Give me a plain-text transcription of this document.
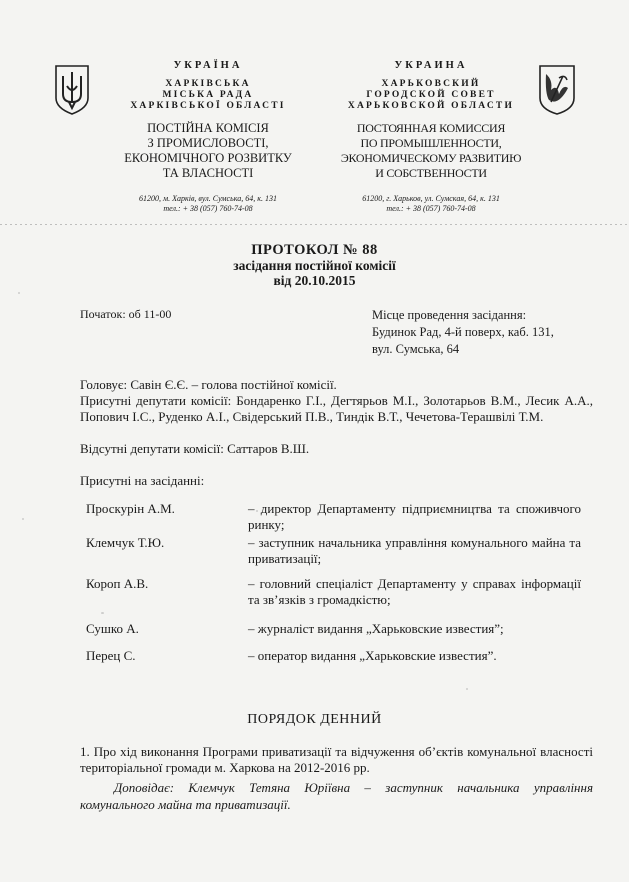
УКРАЇНА
ХАРКІВСЬКА
МІСЬКА РАДА
ХАРКІВСЬКОЇ ОБЛАСТІ
ПОСТІЙНА КОМІСІЯ
З ПРОМИСЛОВОСТІ,
ЕКОНОМІЧНОГО РОЗВИТКУ
ТА ВЛАСНОСТІ
61200, м. Харків, вул. Сумська, 64, к. 131
тел.: + 38 (057) 760-74-08
УКРАИНА
ХАРЬКОВСКИЙ
ГОРОДСКОЙ СОВЕТ
ХАРЬКОВСКОЙ ОБЛАСТИ
ПОСТОЯННАЯ КОМИССИЯ
ПО ПРОМЫШЛЕННОСТИ,
ЭКОНОМИЧЕСКОМУ РАЗВИТИЮ
И СОБСТВЕННОСТИ
61200, г. Харьков, ул. Сумская, 64, к. 131
тел.: + 38 (057) 760-74-08
ПРОТОКОЛ № 88
засідання постійної комісії
від 20.10.2015
Початок: об 11-00	Місце проведення засідання:
Будинок Рад, 4-й поверх, каб. 131,
вул. Сумська, 64
Головує: Савін Є.Є. – голова постійної комісії.
Присутні депутати комісії: Бондаренко Г.І., Дегтярьов М.І., Золотарьов В.М., Лесик А.А., Попович І.С., Руденко А.І., Свідерський П.В., Тиндік В.Т., Чечетова-Терашвілі Т.М.
Відсутні депутати комісії: Саттаров В.Ш.
Присутні на засіданні:
Проскурін А.М.	– директор Департаменту підприємництва та споживчого ринку;
Клемчук Т.Ю.	– заступник начальника управління комунального майна та приватизації;
Короп А.В.	– головний спеціаліст Департаменту у справах інформації та зв’язків з громадкістю;
Сушко А.	– журналіст видання „Харьковские известия”;
Перец С.	– оператор видання „Харьковские известия”.
ПОРЯДОК ДЕННИЙ
1. Про хід виконання Програми приватизації та відчуження об’єктів комунальної власності територіальної громади м. Харкова на 2012-2016 рр.
Доповідає: Клемчук Тетяна Юріївна – заступник начальника управління комунального майна та приватизації.
